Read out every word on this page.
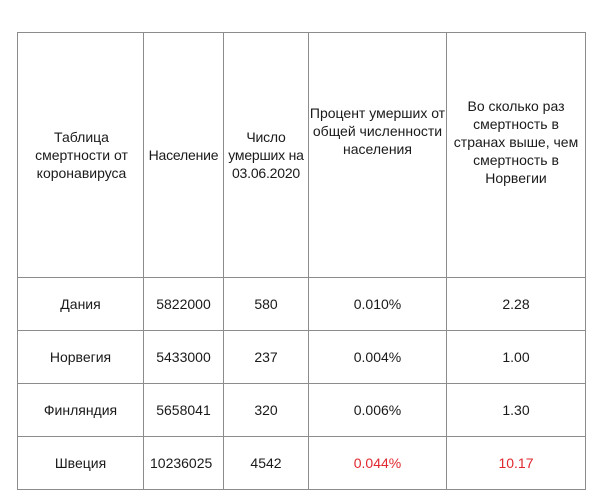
Таблица смертности от коронавируса	Население	Число умерших на 03.06.2020	Процент умерших от общей численности населения	Во сколько раз смертность в странах выше, чем смертность в Норвегии
Дания	5822000	580	0.010%	2.28
Норвегия	5433000	237	0.004%	1.00
Финляндия	5658041	320	0.006%	1.30
Швеция	10236025	4542	0.044%	10.17
